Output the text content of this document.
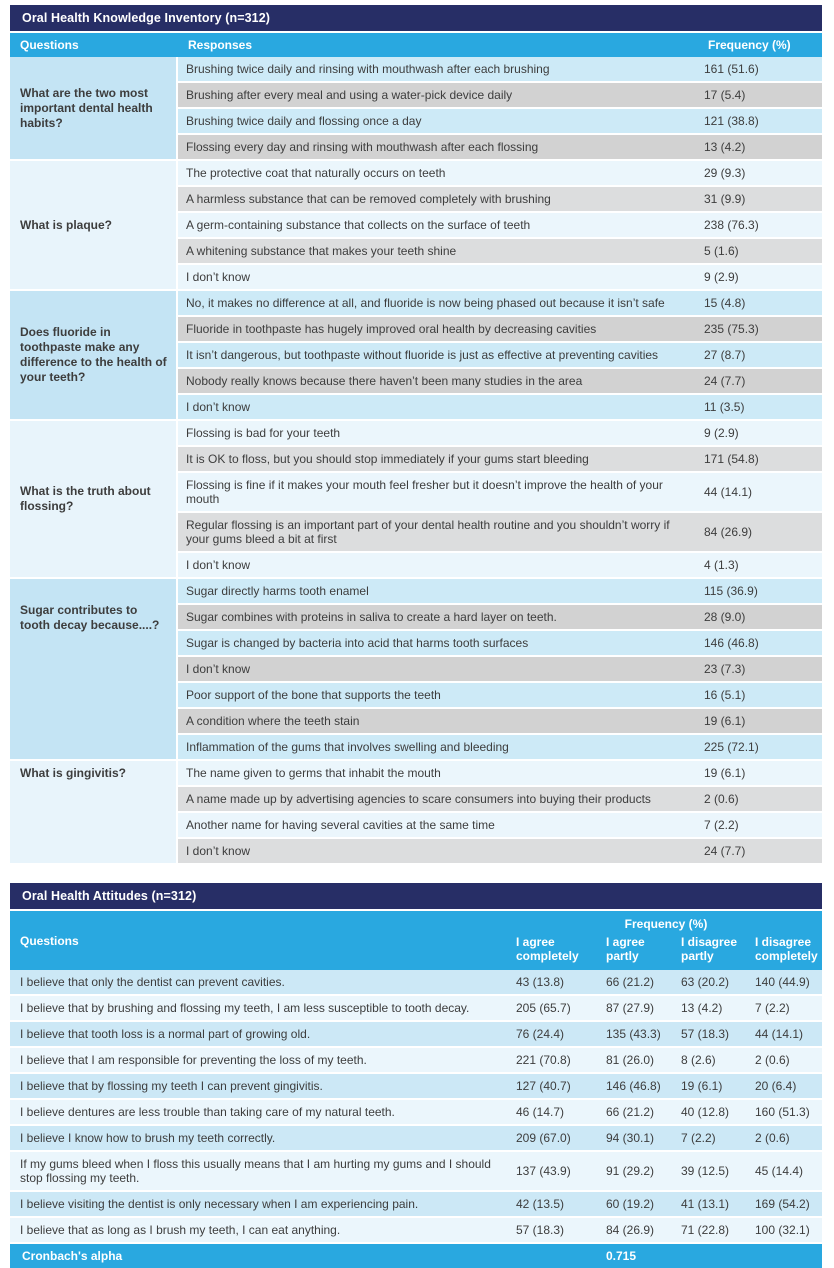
Oral Health Knowledge Inventory (n=312)
Questions	Responses	Frequency (%)
What are the two most important dental health habits?	Brushing twice daily and rinsing with mouthwash after each brushing	161 (51.6)
	Brushing after every meal and using a water-pick device daily	17 (5.4)
	Brushing twice daily and flossing once a day	121 (38.8)
	Flossing every day and rinsing with mouthwash after each flossing	13 (4.2)
What is plaque?	The protective coat that naturally occurs on teeth	29 (9.3)
	A harmless substance that can be removed completely with brushing	31 (9.9)
	A germ-containing substance that collects on the surface of teeth	238 (76.3)
	A whitening substance that makes your teeth shine	5 (1.6)
	I don’t know	9 (2.9)
Does fluoride in toothpaste make any difference to the health of your teeth?	No, it makes no difference at all, and fluoride is now being phased out because it isn’t safe	15 (4.8)
	Fluoride in toothpaste has hugely improved oral health by decreasing cavities	235 (75.3)
	It isn’t dangerous, but toothpaste without fluoride is just as effective at preventing cavities	27 (8.7)
	Nobody really knows because there haven’t been many studies in the area	24 (7.7)
	I don’t know	11 (3.5)
What is the truth about flossing?	Flossing is bad for your teeth	9 (2.9)
	It is OK to floss, but you should stop immediately if your gums start bleeding	171 (54.8)
	Flossing is fine if it makes your mouth feel fresher but it doesn’t improve the health of your mouth	44 (14.1)
	Regular flossing is an important part of your dental health routine and you shouldn’t worry if your gums bleed a bit at first	84 (26.9)
	I don’t know	4 (1.3)
Sugar contributes to tooth decay because....?	Sugar directly harms tooth enamel	115 (36.9)
	Sugar combines with proteins in saliva to create a hard layer on teeth.	28 (9.0)
	Sugar is changed by bacteria into acid that harms tooth surfaces	146 (46.8)
	I don’t know	23 (7.3)
	Poor support of the bone that supports the teeth	16 (5.1)
	A condition where the teeth stain	19 (6.1)
	Inflammation of the gums that involves swelling and bleeding	225 (72.1)
What is gingivitis?	The name given to germs that inhabit the mouth	19 (6.1)
	A name made up by advertising agencies to scare consumers into buying their products	2 (0.6)
	Another name for having several cavities at the same time	7 (2.2)
	I don’t know	24 (7.7)
Oral Health Attitudes (n=312)
Questions	Frequency (%)			
	I agree completely	I agree partly	I disagree partly	I disagree completely
I believe that only the dentist can prevent cavities.	43 (13.8)	66 (21.2)	63 (20.2)	140 (44.9)
I believe that by brushing and flossing my teeth, I am less susceptible to tooth decay.	205 (65.7)	87 (27.9)	13 (4.2)	7 (2.2)
I believe that tooth loss is a normal part of growing old.	76 (24.4)	135 (43.3)	57 (18.3)	44 (14.1)
I believe that I am responsible for preventing the loss of my teeth.	221 (70.8)	81 (26.0)	8 (2.6)	2 (0.6)
I believe that by flossing my teeth I can prevent gingivitis.	127 (40.7)	146 (46.8)	19 (6.1)	20 (6.4)
I believe dentures are less trouble than taking care of my natural teeth.	46 (14.7)	66 (21.2)	40 (12.8)	160 (51.3)
I believe I know how to brush my teeth correctly.	209 (67.0)	94 (30.1)	7 (2.2)	2 (0.6)
If my gums bleed when I floss this usually means that I am hurting my gums and I should stop flossing my teeth.	137 (43.9)	91 (29.2)	39 (12.5)	45 (14.4)
I believe visiting the dentist is only necessary when I am experiencing pain.	42 (13.5)	60 (19.2)	41 (13.1)	169 (54.2)
I believe that as long as I brush my teeth, I can eat anything.	57 (18.3)	84 (26.9)	71 (22.8)	100 (32.1)
Cronbach's alpha		0.715		
